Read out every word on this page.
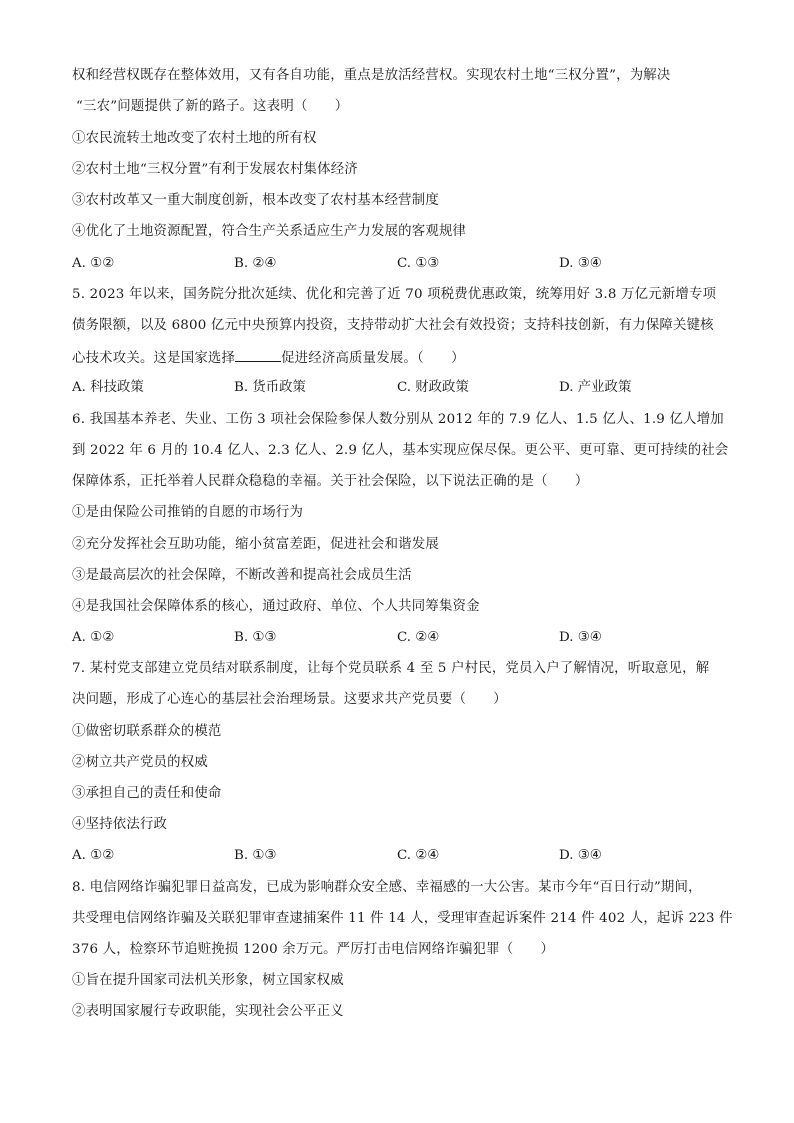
权和经营权既存在整体效用，又有各自功能，重点是放活经营权。实现农村土地“三权分置”，为解决
“三农”问题提供了新的路子。这表明（　　）
①农民流转土地改变了农村土地的所有权
②农村土地“三权分置”有利于发展农村集体经济
③农村改革又一重大制度创新，根本改变了农村基本经营制度
④优化了土地资源配置，符合生产关系适应生产力发展的客观规律
A. ①②	B. ②④	C. ①③	D. ③④
5. 2023 年以来，国务院分批次延续、优化和完善了近 70 项税费优惠政策，统筹用好 3.8 万亿元新增专项
债务限额，以及 6800 亿元中央预算内投资，支持带动扩大社会有效投资；支持科技创新，有力保障关键核
心技术攻关。这是国家选择	促进经济高质量发展。（　　）
A. 科技政策	B. 货币政策	C. 财政政策	D. 产业政策
6. 我国基本养老、失业、工伤 3 项社会保险参保人数分别从 2012 年的 7.9 亿人、1.5 亿人、1.9 亿人增加
到 2022 年 6 月的 10.4 亿人、2.3 亿人、2.9 亿人，基本实现应保尽保。更公平、更可靠、更可持续的社会
保障体系，正托举着人民群众稳稳的幸福。关于社会保险，以下说法正确的是（　　）
①是由保险公司推销的自愿的市场行为
②充分发挥社会互助功能，缩小贫富差距，促进社会和谐发展
③是最高层次的社会保障，不断改善和提高社会成员生活
④是我国社会保障体系的核心，通过政府、单位、个人共同筹集资金
A. ①②	B. ①③	C. ②④	D. ③④
7. 某村党支部建立党员结对联系制度，让每个党员联系 4 至 5 户村民，党员入户了解情况，听取意见，解
决问题，形成了心连心的基层社会治理场景。这要求共产党员要（　　）
①做密切联系群众的模范
②树立共产党员的权威
③承担自己的责任和使命
④坚持依法行政
A. ①②	B. ①③	C. ②④	D. ③④
8. 电信网络诈骗犯罪日益高发，已成为影响群众安全感、幸福感的一大公害。某市今年“百日行动”期间，
共受理电信网络诈骗及关联犯罪审查逮捕案件 11 件 14 人，受理审查起诉案件 214 件 402 人，起诉 223 件
376 人，检察环节追赃挽损 1200 余万元。严厉打击电信网络诈骗犯罪（　　）
①旨在提升国家司法机关形象，树立国家权威
②表明国家履行专政职能，实现社会公平正义
